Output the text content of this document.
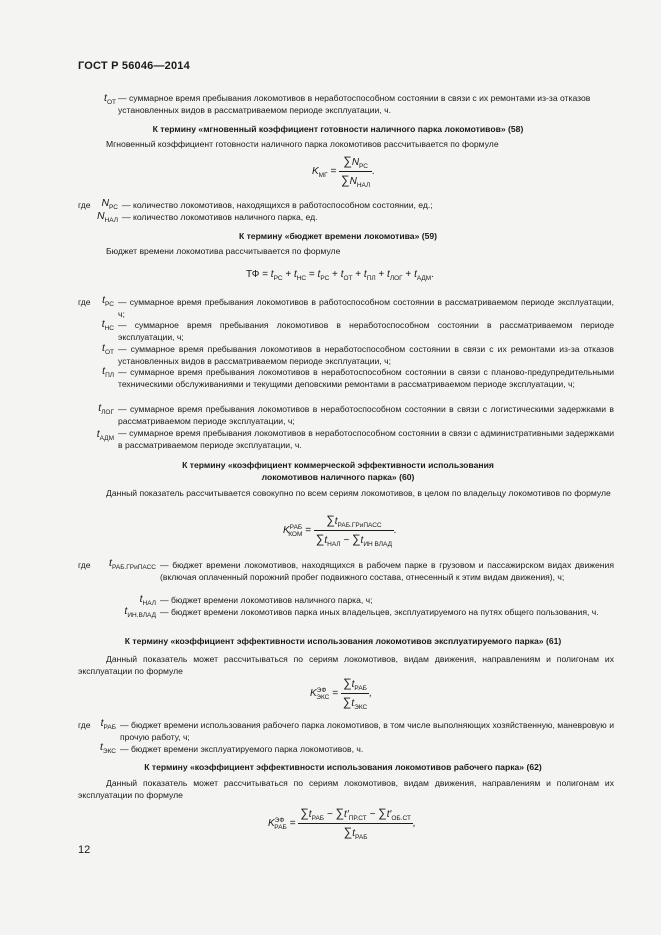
ГОСТ Р 56046—2014
$t_{OT}$ — суммарное время пребывания локомотивов в неработоспособном состоянии в связи с их ремонтами из-за отказов установленных видов в рассматриваемом периоде эксплуатации, ч.
К термину «мгновенный коэффициент готовности наличного парка локомотивов» (58)
Мгновенный коэффициент готовности наличного парка локомотивов рассчитывается по формуле
$K_{МГ} = \frac{\sum N_{РС}}{\sum N_{НАЛ}}$ .
где	$N_{РС}$ — количество локомотивов, находящихся в работоспособном состоянии, ед.;
$N_{НАЛ}$ — количество локомотивов наличного парка, ед.
К термину «бюджет времени локомотива» (59)
Бюджет времени локомотива рассчитывается по формуле
ТФ = $t_{РС} + t_{НС} = t_{РС} + t_{ОТ} + t_{ПЛ} + t_{ЛОГ} + t_{АДМ}$.
где	$t_{РС}$ — суммарное время пребывания локомотивов в работоспособном состоянии в рассматриваемом периоде эксплуатации, ч;
$t_{НС}$ — суммарное время пребывания локомотивов в неработоспособном состоянии в рассматриваемом периоде эксплуатации, ч;
$t_{ОТ}$ — суммарное время пребывания локомотивов в неработоспособном состоянии в связи с их ремонтами из-за отказов установленных видов в рассматриваемом периоде эксплуатации, ч;
$t_{ПЛ}$ — суммарное время пребывания локомотивов в неработоспособном состоянии в связи с планово-предупредительными техническими обслуживаниями и текущими деповскими ремонтами в рассматриваемом периоде эксплуатации, ч;
$t_{ЛОГ}$ — суммарное время пребывания локомотивов в неработоспособном состоянии в связи с логистическими задержками в рассматриваемом периоде эксплуатации, ч;
$t_{АДМ}$
— суммарное время пребывания локомотивов в неработоспособном состоянии в связи с административными задержками в рассматриваемом периоде эксплуатации, ч.
К термину «коэффициент коммерческой эффективности использования
локомотивов наличного парка» (60)
Данный показатель рассчитывается совокупно по всем сериям локомотивов, в целом по владельцу локомотивов по формуле
$K^{РАБ}_{КОМ} = \frac{\sum t_{РАБ.ГРиПАСС}}{\sum t_{НАЛ} - \sum t_{ИН ВЛАД}}$ .
где	$t_{РАБ.ГРиПАСС}$ — бюджет времени локомотивов, находящихся в рабочем парке в грузовом и пассажирском видах движения (включая оплаченный порожний пробег подвижного состава, отнесенный к этим видам движения), ч;
$t_{НАЛ}$ — бюджет времени локомотивов наличного парка, ч;
$t_{ИН.ВЛАД}$ — бюджет времени локомотивов парка иных владельцев, эксплуатируемого на путях общего пользования, ч.
К термину «коэффициент эффективности использования локомотивов эксплуатируемого парка» (61)
Данный показатель может рассчитываться по сериям локомотивов, видам движения, направлениям и полигонам их эксплуатации по формуле
$K^{ЭФ}_{ЭКС} = \frac{\sum t_{РАБ}}{\sum t_{ЭКС}}$ ,
где $t_{РАБ}$ — бюджет времени использования рабочего парка локомотивов, в том числе выполняющих хозяйственную, маневровую и прочую работу, ч;
$t_{ЭКС}$ — бюджет времени эксплуатируемого парка локомотивов, ч.
К термину «коэффициент эффективности использования локомотивов рабочего парка» (62)
Данный показатель может рассчитываться по сериям локомотивов, видам движения, направлениям и полигонам их эксплуатации по формуле
$K^{ЭФ}_{РАБ} = \frac{\sum t_{РАБ} - \sum t'_{ПР.СТ} - \sum t'_{ОБ.СТ}}{\sum t_{РАБ}}$ ,
12
